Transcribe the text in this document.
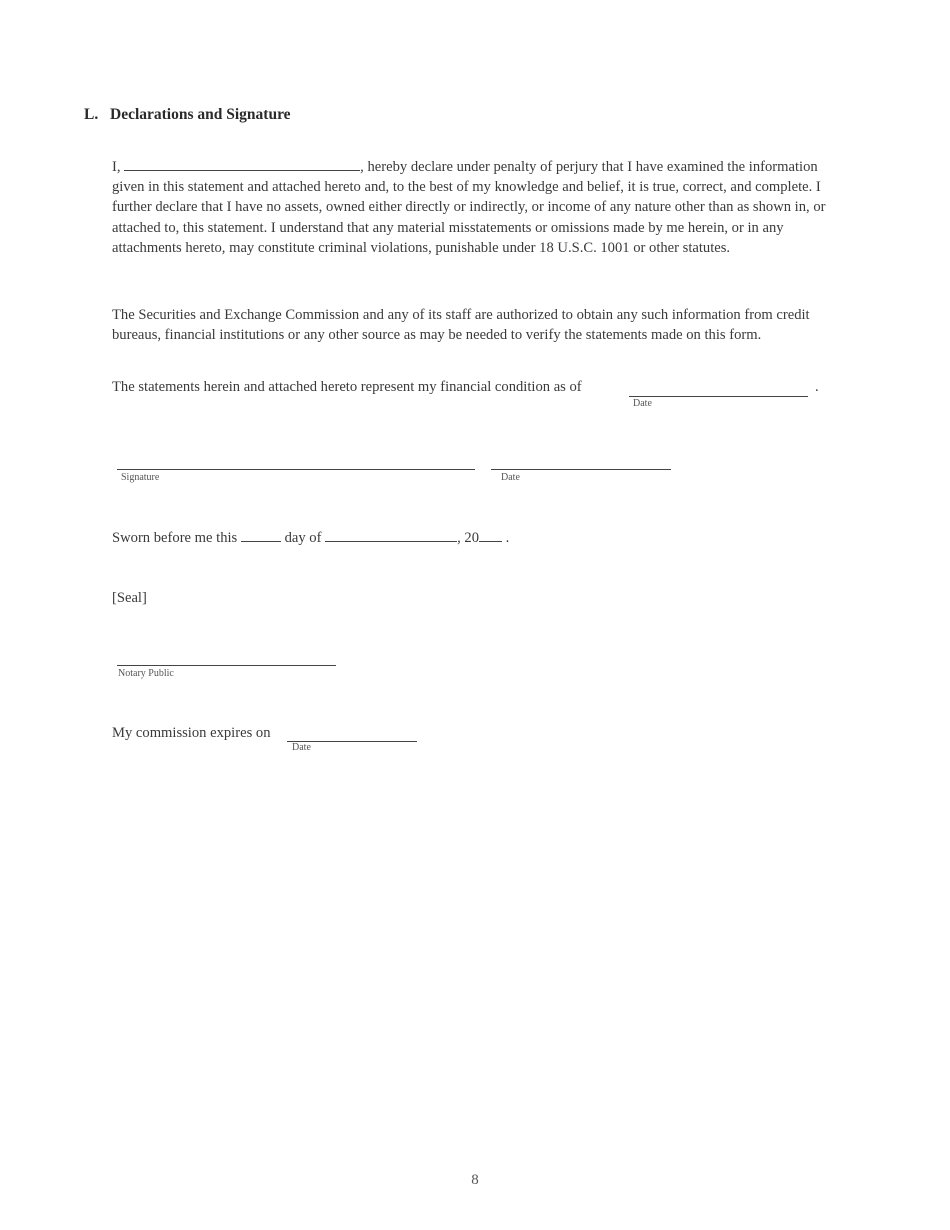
L. Declarations and Signature
I,	, hereby declare under penalty of perjury that I have examined the information given in this statement and attached hereto and, to the best of my knowledge and belief, it is true, correct, and complete. I further declare that I have no assets, owned either directly or indirectly, or income of any nature other than as shown in, or attached to, this statement. I understand that any material misstatements or omissions made by me herein, or in any attachments hereto, may constitute criminal violations, punishable under 18 U.S.C. 1001 or other statutes.
The Securities and Exchange Commission and any of its staff are authorized to obtain any such information from credit bureaus, financial institutions or any other source as may be needed to verify the statements made on this form.
The statements herein and attached hereto represent my financial condition as of	.
Date
Signature	Date
Sworn before me this	day of	, 20 .
[Seal]
Notary Public
My commission expires on
Date
8
